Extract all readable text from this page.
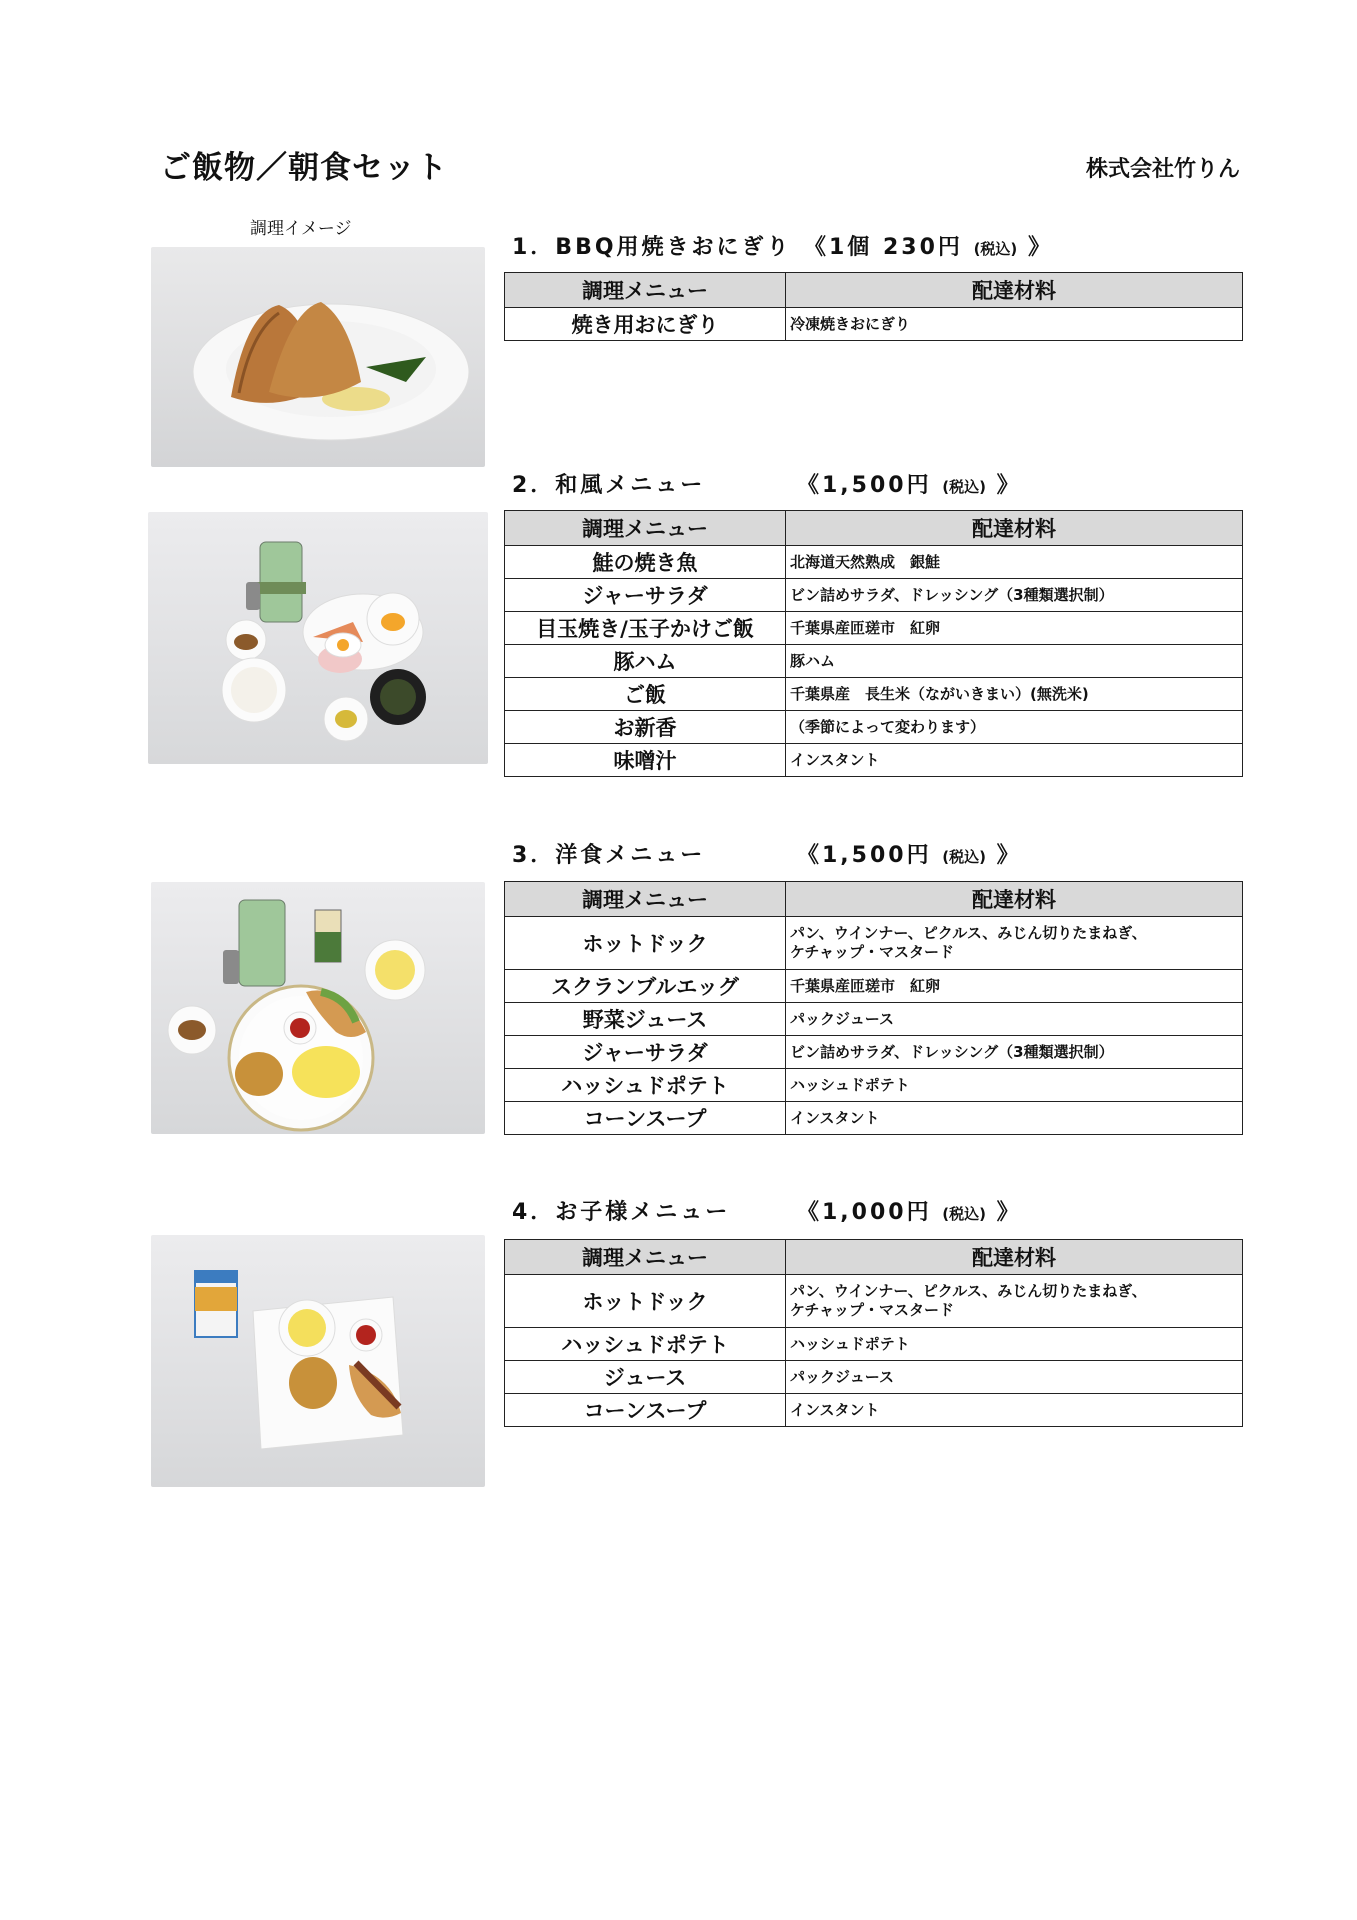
ご飯物／朝食セット	株式会社竹りん
調理イメージ
1．BBQ用焼きおにぎり 《1個 230円 (税込) 》
調理メニュー	配達材料
焼き用おにぎり	冷凍焼きおにぎり
2．和風メニュー	《1,500円 (税込) 》
調理メニュー	配達材料
鮭の焼き魚	北海道天然熟成　銀鮭
ジャーサラダ	ビン詰めサラダ、ドレッシング（3種類選択制）
目玉焼き/玉子かけご飯	千葉県産匝瑳市　紅卵
豚ハム	豚ハム
ご飯	千葉県産　長生米（ながいきまい）(無洗米)
お新香	（季節によって変わります）
味噌汁	インスタント
3．洋食メニュー	《1,500円 (税込) 》
調理メニュー	配達材料
ホットドック	パン、ウインナー、ピクルス、みじん切りたまねぎ、
ケチャップ・マスタード

スクランブルエッグ	千葉県産匝瑳市　紅卵
野菜ジュース	パックジュース
ジャーサラダ	ビン詰めサラダ、ドレッシング（3種類選択制）
ハッシュドポテト	ハッシュドポテト
コーンスープ	インスタント
4．お子様メニュー	《1,000円 (税込) 》
調理メニュー	配達材料
ホットドック	パン、ウインナー、ピクルス、みじん切りたまねぎ、
ケチャップ・マスタード

ハッシュドポテト	ハッシュドポテト
ジュース	パックジュース
コーンスープ	インスタント
